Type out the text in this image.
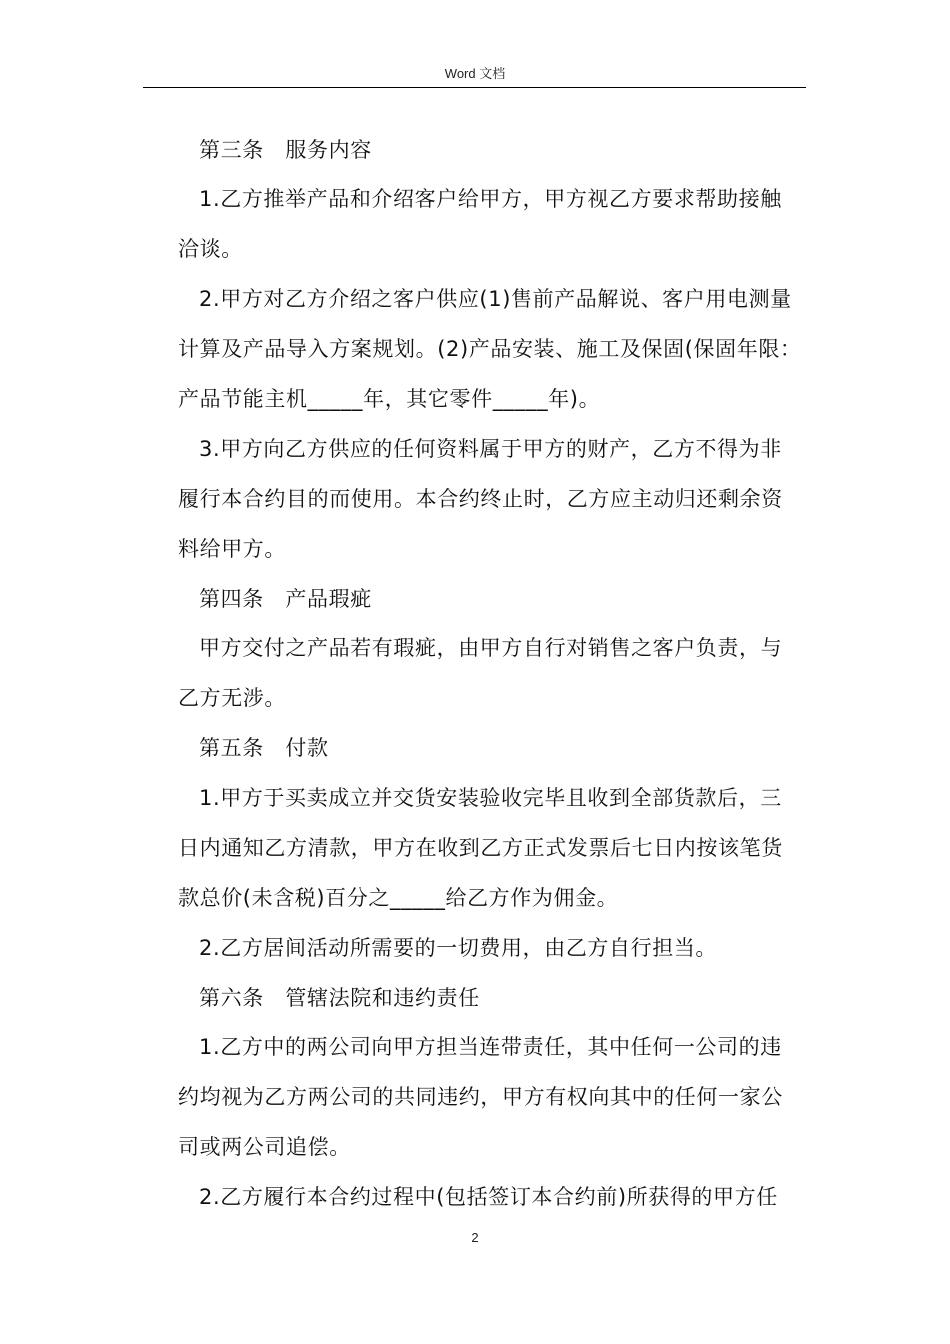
Word 文档
第三条　服务内容
1.乙方推举产品和介绍客户给甲方，甲方视乙方要求帮助接触
洽谈。
2.甲方对乙方介绍之客户供应(1)售前产品解说、客户用电测量
计算及产品导入方案规划。(2)产品安装、施工及保固(保固年限：
产品节能主机_____年，其它零件_____年)。
3.甲方向乙方供应的任何资料属于甲方的财产，乙方不得为非
履行本合约目的而使用。本合约终止时，乙方应主动归还剩余资
料给甲方。
第四条　产品瑕疵
甲方交付之产品若有瑕疵，由甲方自行对销售之客户负责，与
乙方无涉。
第五条　付款
1.甲方于买卖成立并交货安装验收完毕且收到全部货款后，三
日内通知乙方清款，甲方在收到乙方正式发票后七日内按该笔货
款总价(未含税)百分之_____给乙方作为佣金。
2.乙方居间活动所需要的一切费用，由乙方自行担当。
第六条　管辖法院和违约责任
1.乙方中的两公司向甲方担当连带责任，其中任何一公司的违
约均视为乙方两公司的共同违约，甲方有权向其中的任何一家公
司或两公司追偿。
2.乙方履行本合约过程中(包括签订本合约前)所获得的甲方任
2
